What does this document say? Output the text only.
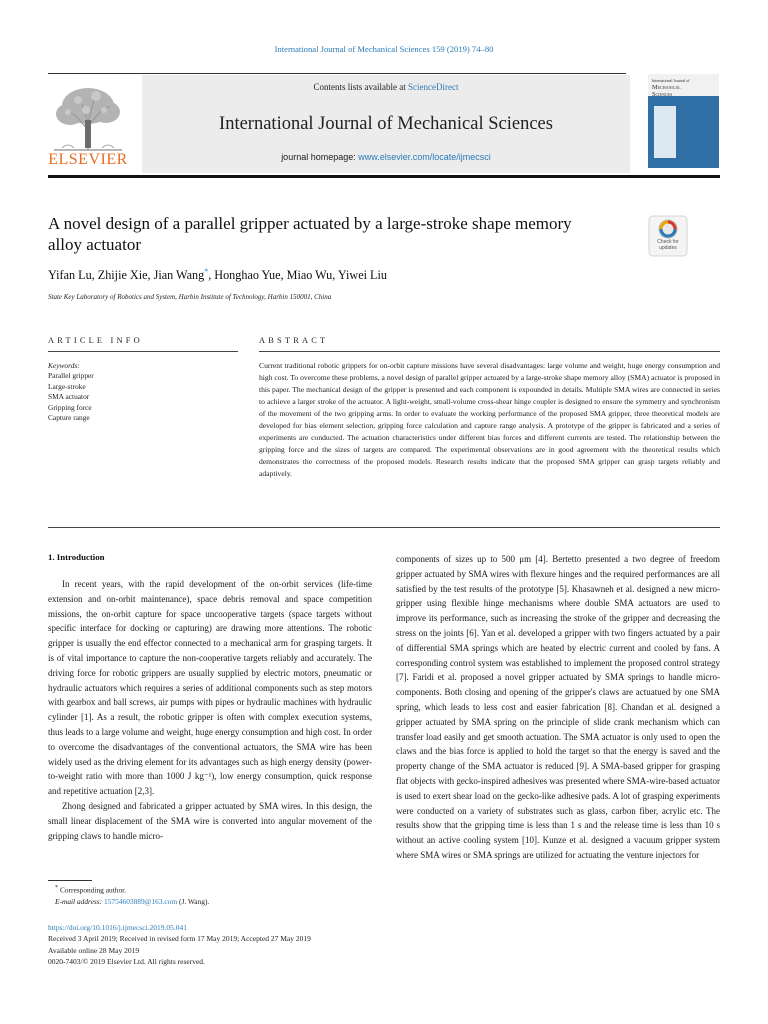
International Journal of Mechanical Sciences 159 (2019) 74–80
Contents lists available at ScienceDirect
International Journal of Mechanical Sciences
journal homepage: www.elsevier.com/locate/ijmecsci
ELSEVIER
International Journal of
Mechanical
Sciences
A novel design of a parallel gripper actuated by a large-stroke shape memory alloy actuator	Check for updates
Yifan Lu, Zhijie Xie, Jian Wang*, Honghao Yue, Miao Wu, Yiwei Liu
State Key Laboratory of Robotics and System, Harbin Institute of Technology, Harbin 150001, China
ARTICLE INFO	ABSTRACT
Keywords:
Parallel gripper
Large-stroke
SMA actuator
Gripping force
Capture range
Current traditional robotic grippers for on-orbit capture missions have several disadvantages: large volume and weight, huge energy consumption and high cost. To overcome these problems, a novel design of parallel gripper actuated by a large-stroke shape memory alloy (SMA) actuator is proposed in this paper. The mechanical design of the gripper is presented and each component is expounded in details. Multiple SMA wires are connected in series to achieve a larger stroke of the actuator. A light-weight, small-volume cross-shear hinge coupler is designed to ensure the symmetry and synchronism of the movement of the two gripping arms. In order to evaluate the working performance of the proposed SMA gripper, three theoretical models are developed for bias element selection, gripping force calculation and capture range analysis. A prototype of the gripper is fabricated and a series of experiments are conducted. The actuation characteristics under different bias forces and different currents are tested. The relationship between the gripping force and the sizes of targets are compared. The experimental observations are in good agreement with the theoretical results which demonstrates the correctness of the proposed models. Research results indicate that the proposed SMA gripper can grasp targets reliably and adaptively.
1. Introduction

In recent years, with the rapid development of the on-orbit services (life-time extension and on-orbit maintenance), space debris removal and space competition missions, the on-orbit capture for space uncooperative targets (space targets without specific interface for docking or capturing) are drawing more attentions. The robotic gripper is usually the end effector connected to a mechanical arm for grasping targets. It is of vital importance to capture the non-cooperative targets reliably and accurately. The driving force for robotic grippers are usually supplied by electric motors, pneumatic or hydraulic actuators which requires a series of additional components such as step motors with gearbox and ball screws, air pumps with pipes or hydraulic machines with hydraulic cylinder [1]. As a result, the robotic gripper is often with complex execution systems, thus leads to a large volume and weight, huge energy consumption and high cost. In order to overcome the disadvantages of the conventional actuators, the SMA wire has been widely used as the driving element for its advantages such as high energy density (power-to-weight ratio with more than 1000 J kg⁻¹), low energy consumption, quick response and repetitive actuation [2,3].

Zhong designed and fabricated a gripper actuated by SMA wires. In this design, the small linear displacement of the SMA wire is converted into angular movement of the gripping claws to handle micro-

components of sizes up to 500 μm [4]. Bertetto presented a two degree of freedom gripper actuated by SMA wires with flexure hinges and the required performances are all satisfied by the test results of the prototype [5]. Khasawneh et al. designed a new micro-gripper using flexible hinge mechanisms where double SMA actuators are used to improve its performance, such as increasing the stroke of the gripper and decreasing the stress on the joints [6]. Yan et al. developed a gripper with two fingers actuated by a pair of differential SMA springs which are heated by electric current and cooled by fans. A corresponding control system was established to implement the proposed control strategy [7]. Faridi et al. proposed a novel gripper actuated by SMA springs to handle micro-components. Both closing and opening of the gripper's claws are actuatued by one SMA spring, which leads to less cost and easier fabrication [8]. Chandan et al. designed a gripper actuated by SMA spring on the principle of slide crank mechanism which can transfer load easily and get smooth actuation. The SMA actuator is only used to open the claws and the bias force is applied to hold the target so that the energy is saved and the property change of the SMA actuator is reduced [9]. A SMA-based gripper for grasping flat objects with gecko-inspired adhesives was presented where SMA-wire-based actuator is used to exert shear load on the gecko-like adhesive pads. A lot of grasping experiments were conducted on a variety of substrates such as glass, carbon fiber, acrylic etc. The results show that the gripping time is less than 1 s and the release time is less than 10 s without an active cooling system [10]. Kunze et al. designed a vacuum gripper system where SMA wires or SMA springs are utilized for actuating the venture injectors for

* Corresponding author.
E-mail address: 15754603889@163.com (J. Wang).
https://doi.org/10.1016/j.ijmecsci.2019.05.041
Received 3 April 2019; Received in revised form 17 May 2019; Accepted 27 May 2019
Available online 28 May 2019
0020-7403/© 2019 Elsevier Ltd. All rights reserved.
